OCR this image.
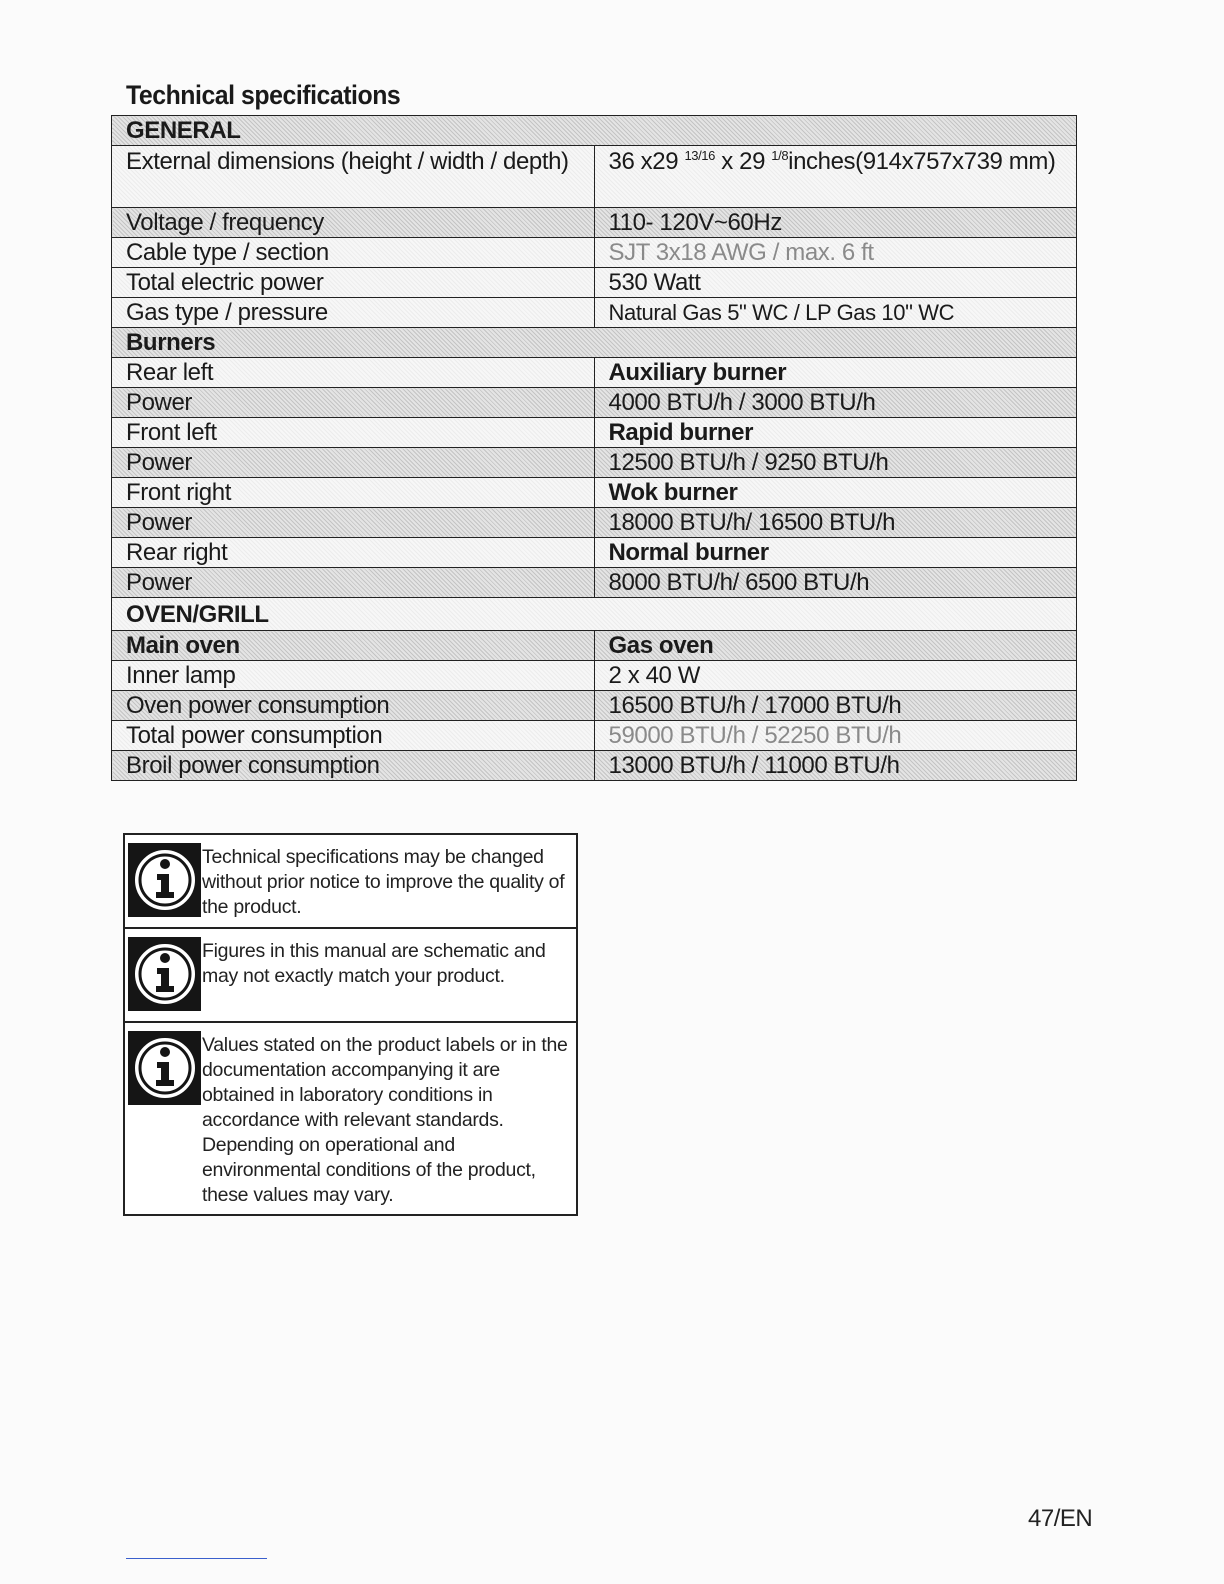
Technical specifications
GENERAL	
External dimensions (height / width / depth)	36 x29 $^{13/16}$ x 29 $^{1/8}$inches(914x757x739 mm)
Voltage / frequency	110- 120V~60Hz
Cable type / section	SJT 3x18 AWG / max. 6 ft
Total electric power	530 Watt
Gas type / pressure	Natural Gas 5" WC / LP Gas 10" WC
Burners	
Rear left	Auxiliary burner
Power	4000 BTU/h / 3000 BTU/h
Front left	Rapid burner
Power	12500 BTU/h / 9250 BTU/h
Front right	Wok burner
Power	18000 BTU/h/ 16500 BTU/h
Rear right	Normal burner
Power	8000 BTU/h/ 6500 BTU/h
OVEN/GRILL	
Main oven	Gas oven
Inner lamp	2 x 40 W
Oven power consumption	16500 BTU/h / 17000 BTU/h
Total power consumption	59000 BTU/h / 52250 BTU/h
Broil power consumption	13000 BTU/h / 11000 BTU/h
Technical specifications may be changed without prior notice to improve the quality of the product.
Figures in this manual are schematic and may not exactly match your product.
Values stated on the product labels or in the documentation accompanying it are obtained in laboratory conditions in accordance with relevant standards. Depending on operational and environmental conditions of the product, these values may vary.
47/EN
